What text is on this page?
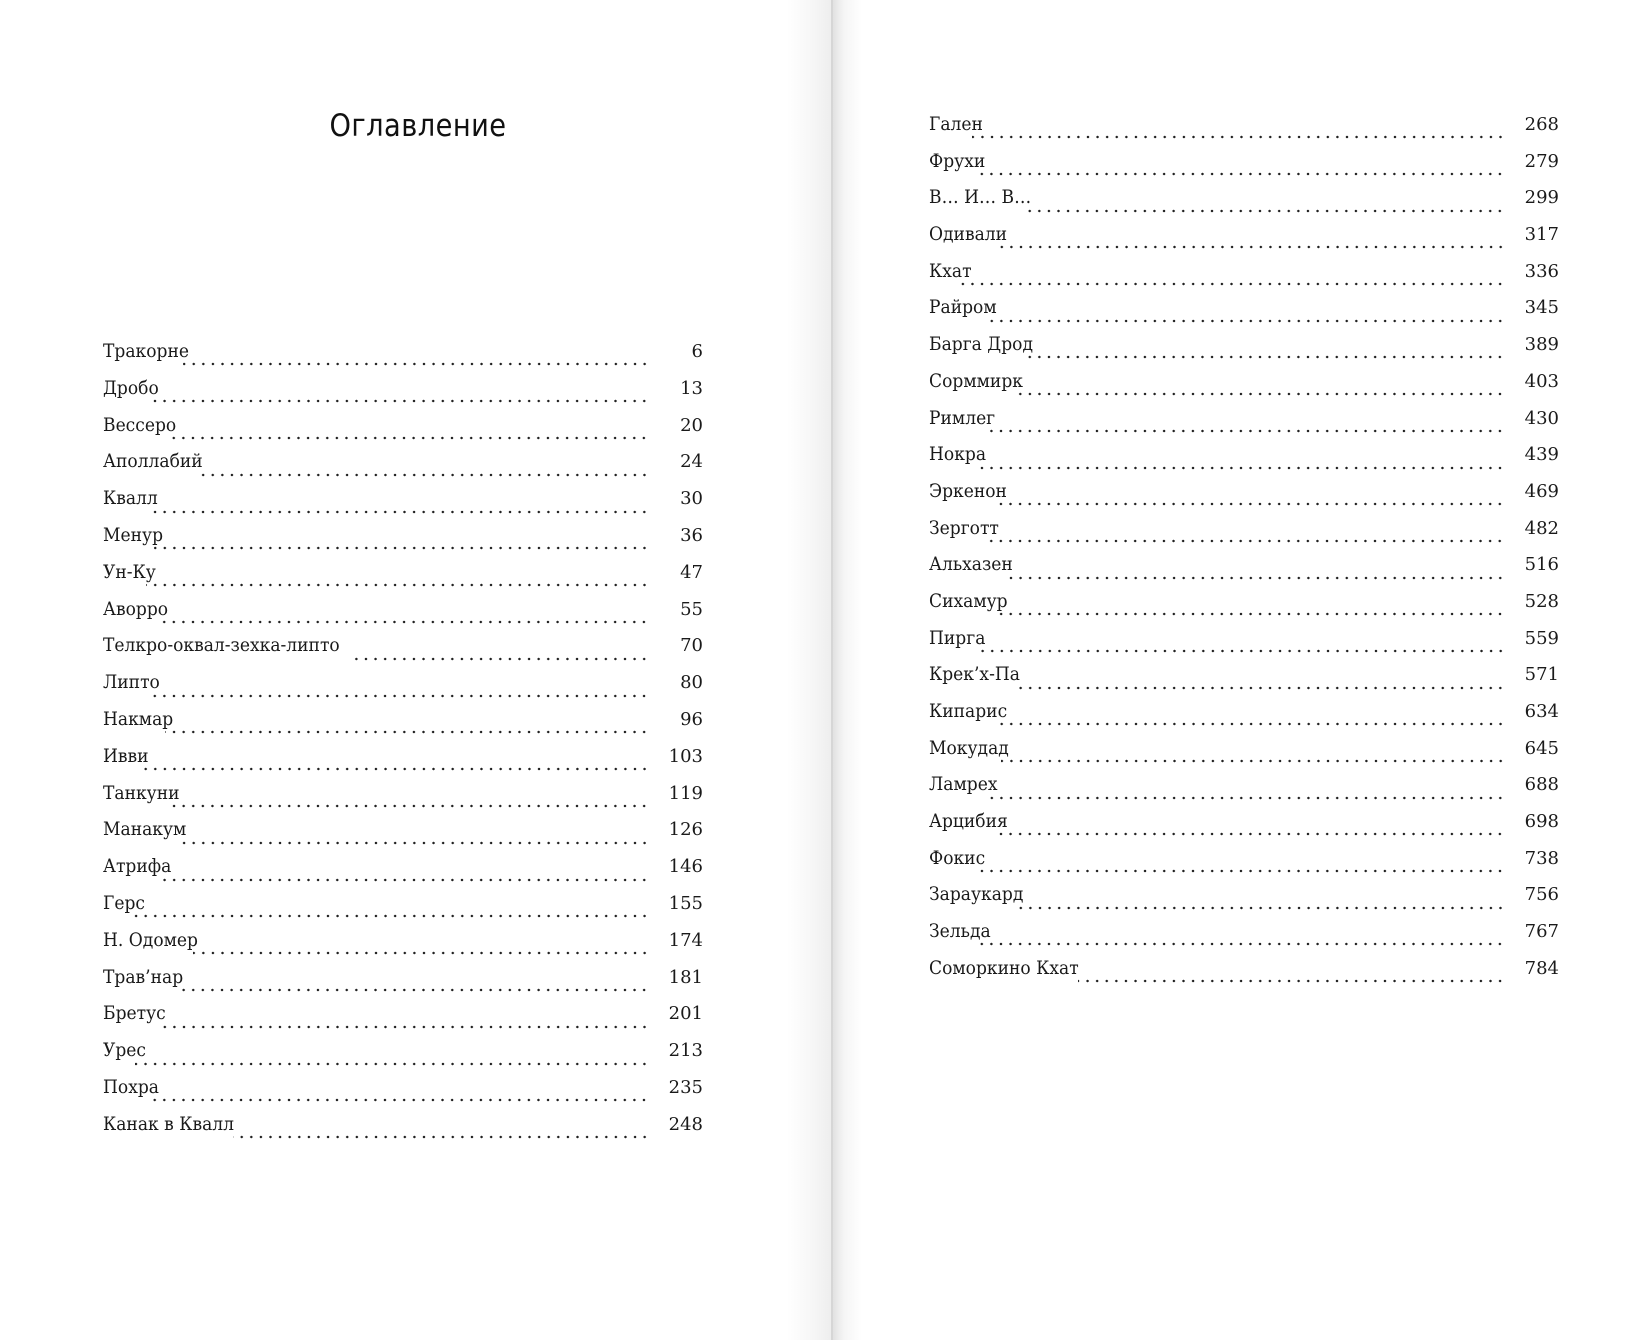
Оглавление
Тракорне	6
Дробо	13
Вессеро	20
Аполлабий	24
Квалл	30
Менур	36
Ун-Ку	47
Аворро	55
Телкро-оквал-зехка-липто	70
Липто	80
Накмар	96
Ивви	103
Танкуни	119
Манакум	126
Атрифа	146
Герс	155
Н. Одомер	174
Трав’нар	181
Бретус	201
Урес	213
Похра	235
Канак в Квалл	248
Гален	268
Фрухи	279
В… И… В…	299
Одивали	317
Кхат	336
Райром	345
Барга Дрод	389
Сорммирк	403
Римлег	430
Нокра	439
Эркенон	469
Зерготт	482
Альхазен	516
Сихамур	528
Пирга	559
Крек’х-Па	571
Кипарис	634
Мокудад	645
Ламрех	688
Арцибия	698
Фокис	738
Зараукард	756
Зельда	767
Соморкино Кхат	784
